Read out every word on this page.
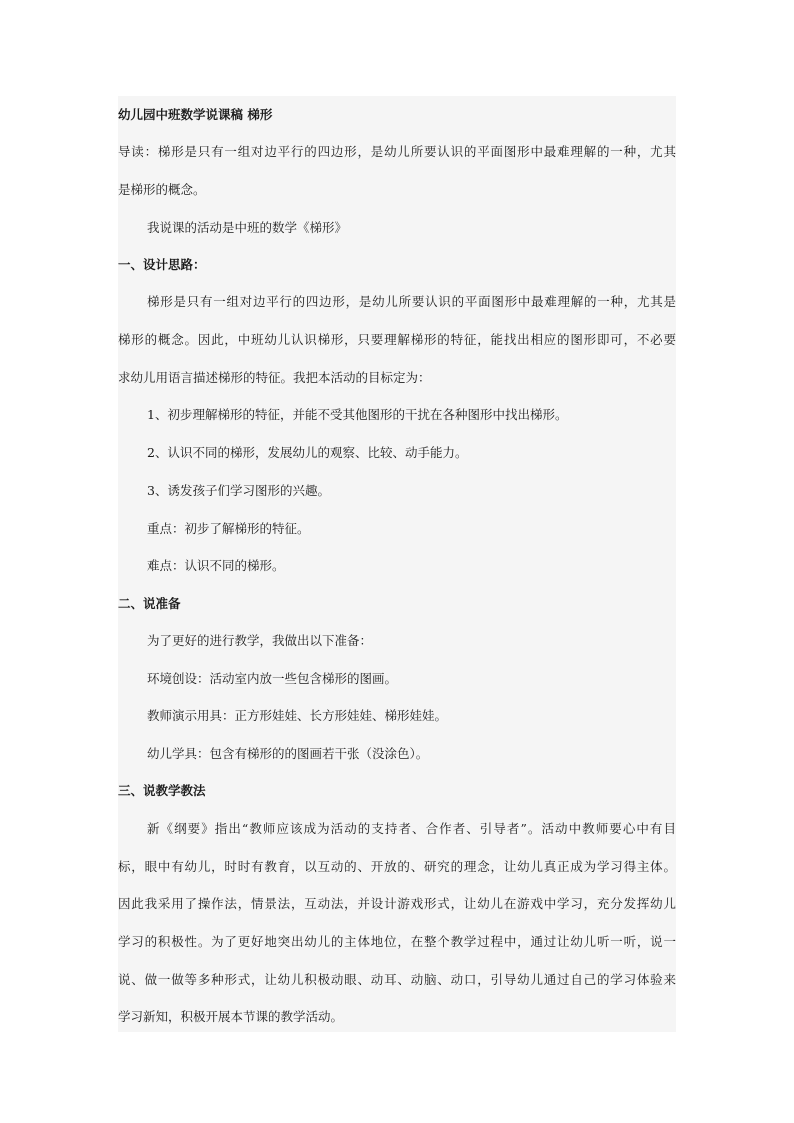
幼儿园中班数学说课稿 梯形
导读：梯形是只有一组对边平行的四边形，是幼儿所要认识的平面图形中最难理解的一种，尤其
是梯形的概念。
我说课的活动是中班的数学《梯形》
一、设计思路：
梯形是只有一组对边平行的四边形，是幼儿所要认识的平面图形中最难理解的一种，尤其是
梯形的概念。因此，中班幼儿认识梯形，只要理解梯形的特征，能找出相应的图形即可，不必要
求幼儿用语言描述梯形的特征。我把本活动的目标定为：
1、初步理解梯形的特征，并能不受其他图形的干扰在各种图形中找出梯形。
2、认识不同的梯形，发展幼儿的观察、比较、动手能力。
3、诱发孩子们学习图形的兴趣。
重点：初步了解梯形的特征。
难点：认识不同的梯形。
二、说准备
为了更好的进行教学，我做出以下准备：
环境创设：活动室内放一些包含梯形的图画。
教师演示用具：正方形娃娃、长方形娃娃、梯形娃娃。
幼儿学具：包含有梯形的的图画若干张（没涂色）。
三、说教学教法
新《纲要》指出“教师应该成为活动的支持者、合作者、引导者”。活动中教师要心中有目
标，眼中有幼儿，时时有教育，以互动的、开放的、研究的理念，让幼儿真正成为学习得主体。
因此我采用了操作法，情景法，互动法，并设计游戏形式，让幼儿在游戏中学习，充分发挥幼儿
学习的积极性。为了更好地突出幼儿的主体地位，在整个教学过程中，通过让幼儿听一听，说一
说、做一做等多种形式，让幼儿积极动眼、动耳、动脑、动口，引导幼儿通过自己的学习体验来
学习新知，积极开展本节课的教学活动。
